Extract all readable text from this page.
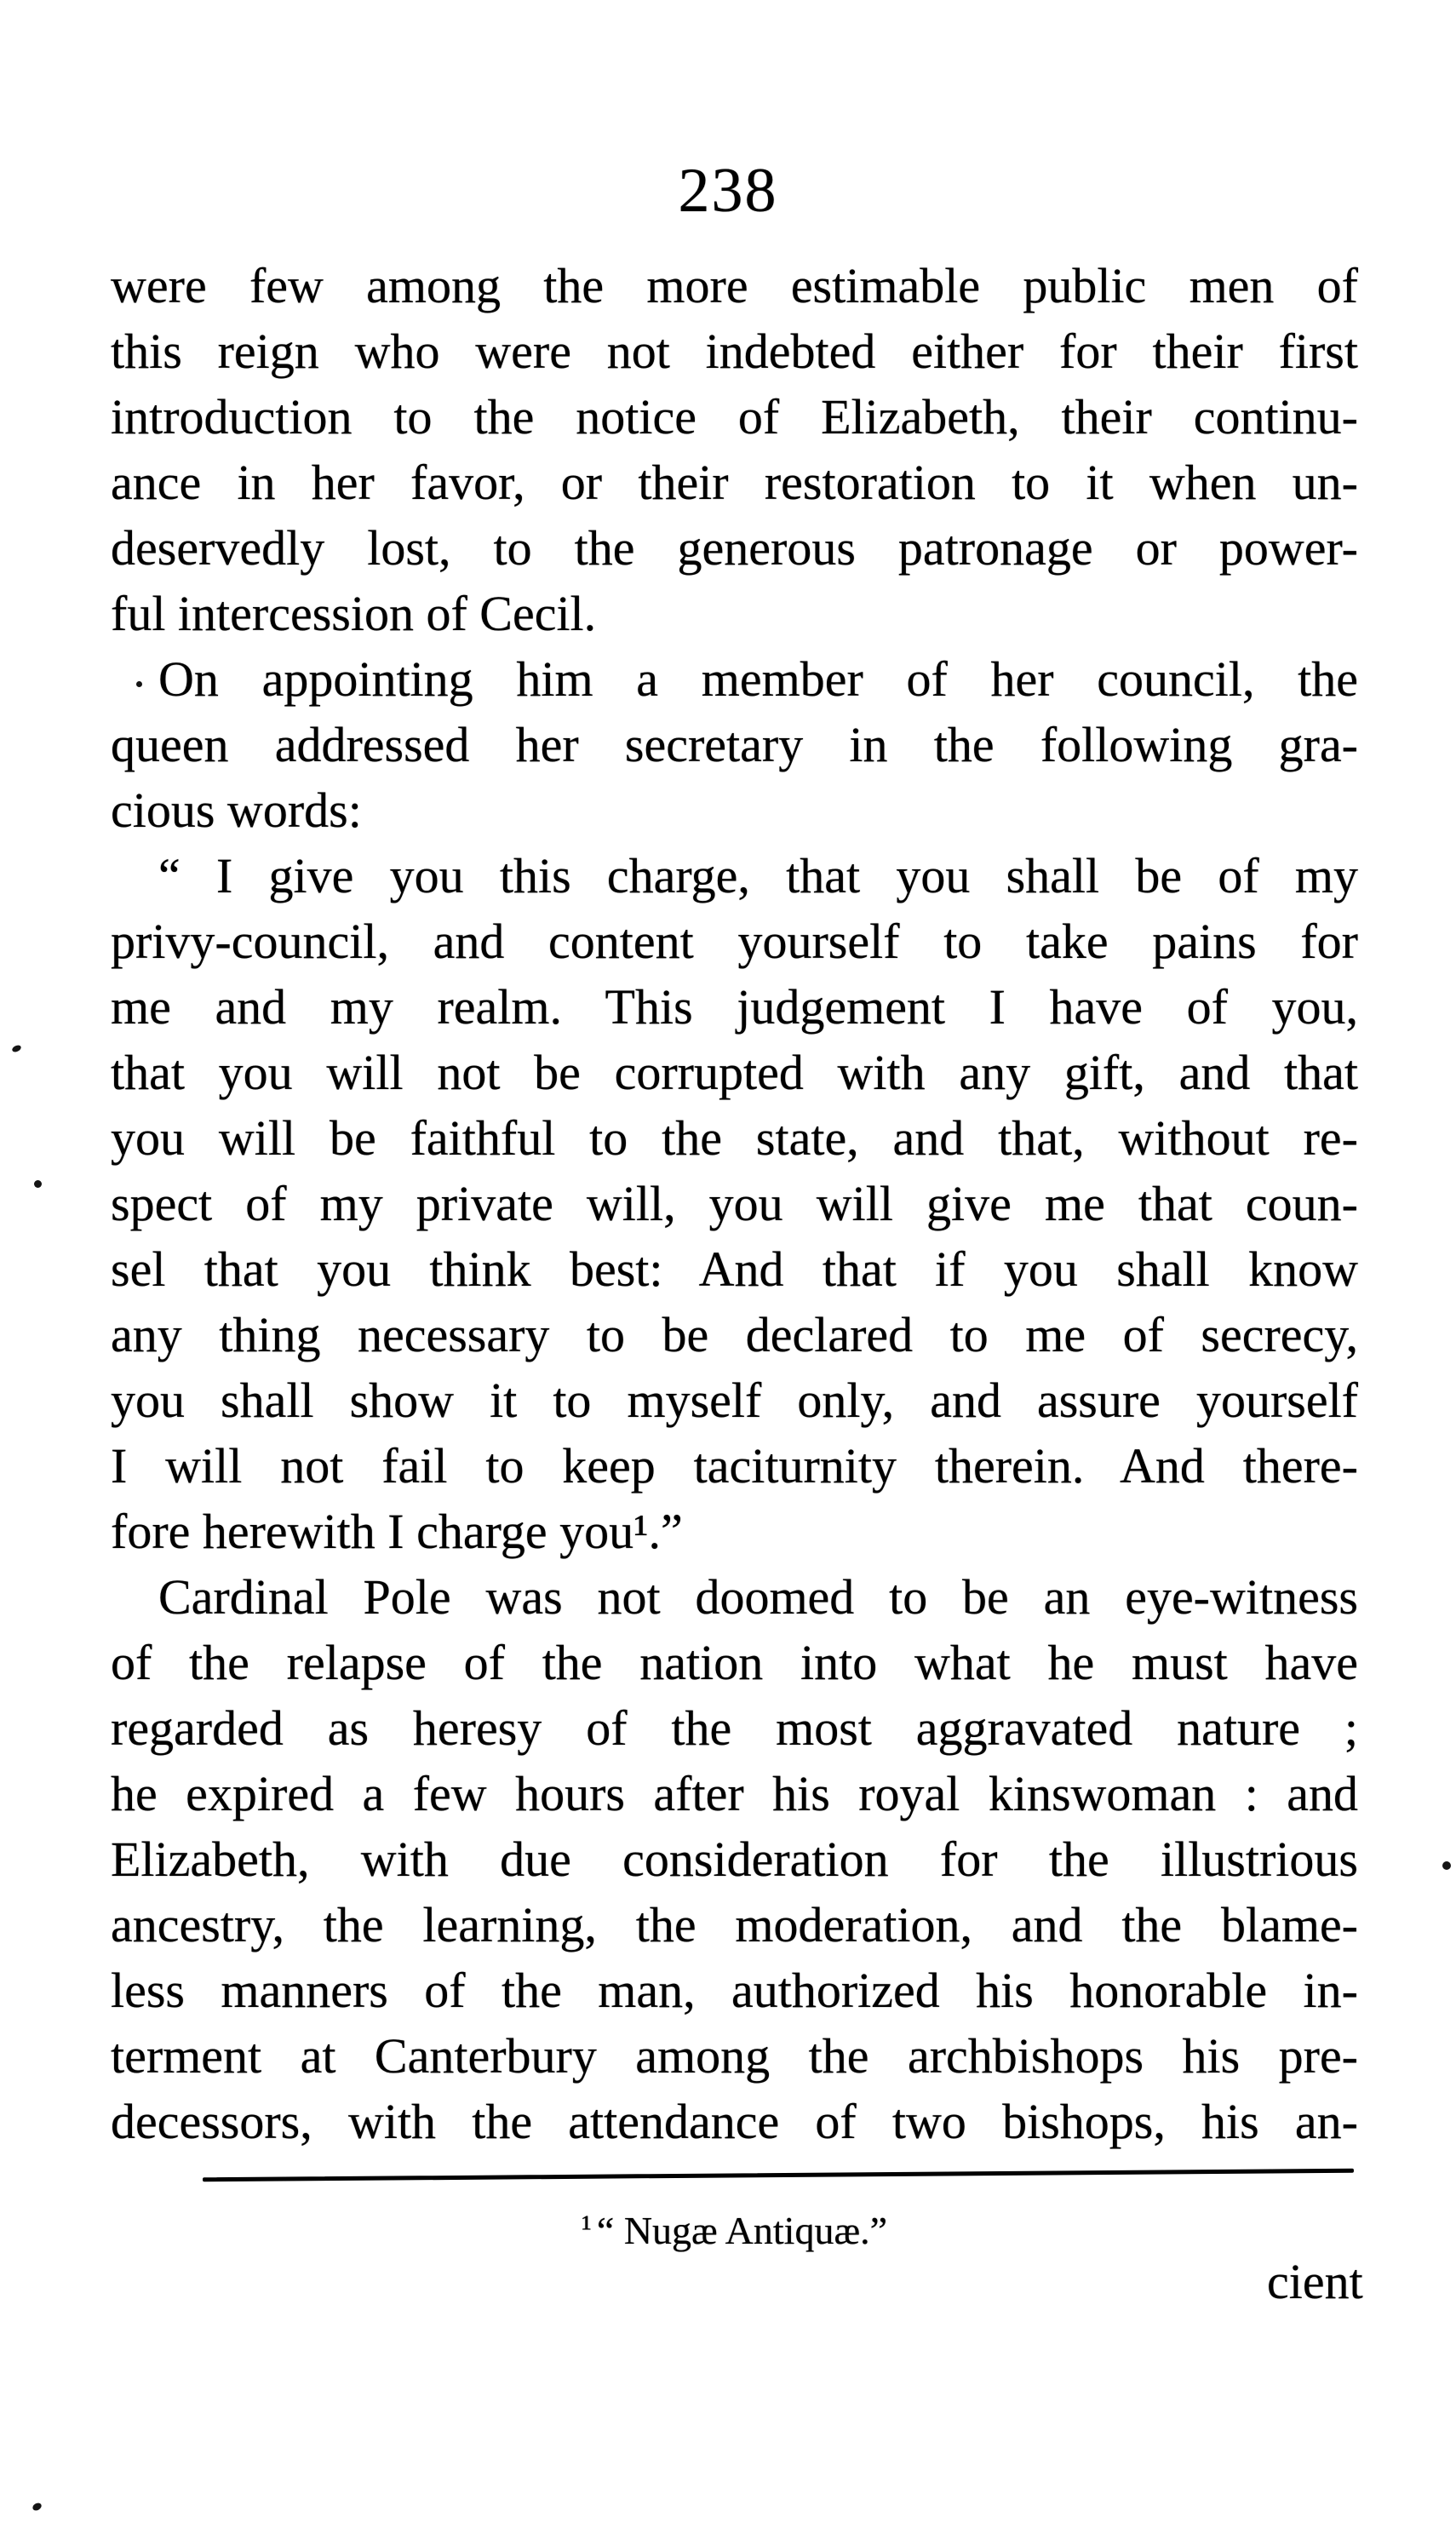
238
were few among the more estimable public men of
this reign who were not indebted either for their first
introduction to the notice of Elizabeth, their continu-
ance in her favor, or their restoration to it when un-
deservedly lost, to the generous patronage or power-
ful intercession of Cecil.
On appointing him a member of her council, the
queen addressed her secretary in the following gra-
cious words:
“ I give you this charge, that you shall be of my
privy-council, and content yourself to take pains for
me and my realm. This judgement I have of you,
that you will not be corrupted with any gift, and that
you will be faithful to the state, and that, without re-
spect of my private will, you will give me that coun-
sel that you think best: And that if you shall know
any thing necessary to be declared to me of secrecy,
you shall show it to myself only, and assure yourself
I will not fail to keep taciturnity therein. And there-
fore herewith I charge you¹.”
Cardinal Pole was not doomed to be an eye-witness
of the relapse of the nation into what he must have
regarded as heresy of the most aggravated nature ;
he expired a few hours after his royal kinswoman : and
Elizabeth, with due consideration for the illustrious
ancestry, the learning, the moderation, and the blame-
less manners of the man, authorized his honorable in-
terment at Canterbury among the archbishops his pre-
decessors, with the attendance of two bishops, his an-
¹ “ Nugæ Antiquæ.”
cient
